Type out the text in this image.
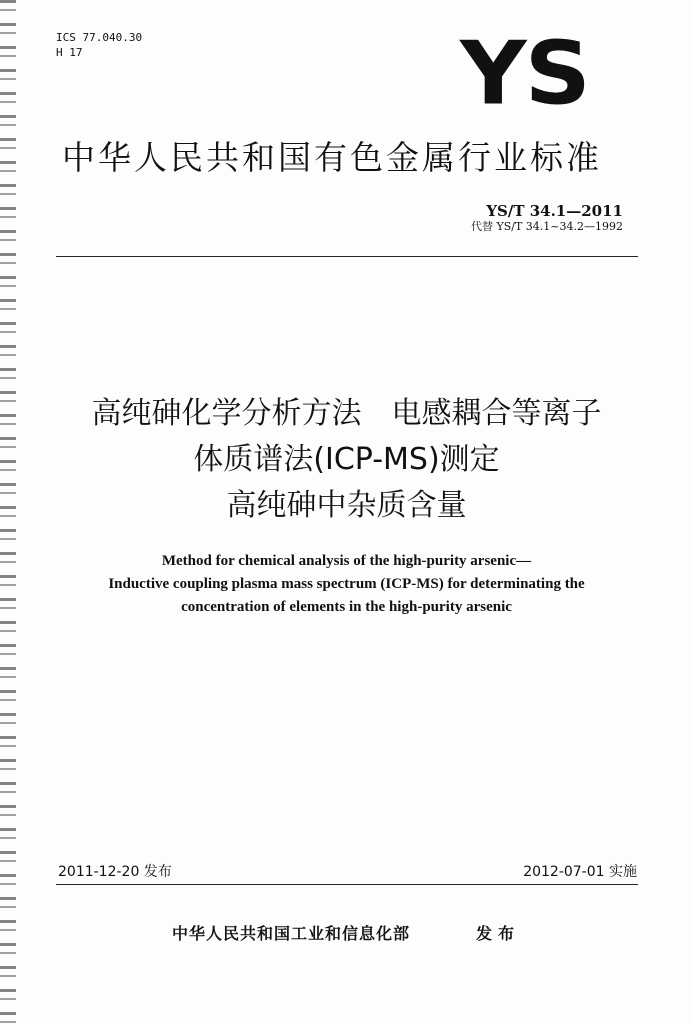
ICS 77.040.30
H 17	YS
中华人民共和国有色金属行业标准
YS/T 34.1—2011
代替 YS/T 34.1~34.2—1992
高纯砷化学分析方法　电感耦合等离子
体质谱法(ICP-MS)测定
高纯砷中杂质含量
Method for chemical analysis of the high-purity arsenic—
Inductive coupling plasma mass spectrum (ICP-MS) for determinating the
concentration of elements in the high-purity arsenic
2011-12-20 发布	2012-07-01 实施
中华人民共和国工业和信息化部	发布
